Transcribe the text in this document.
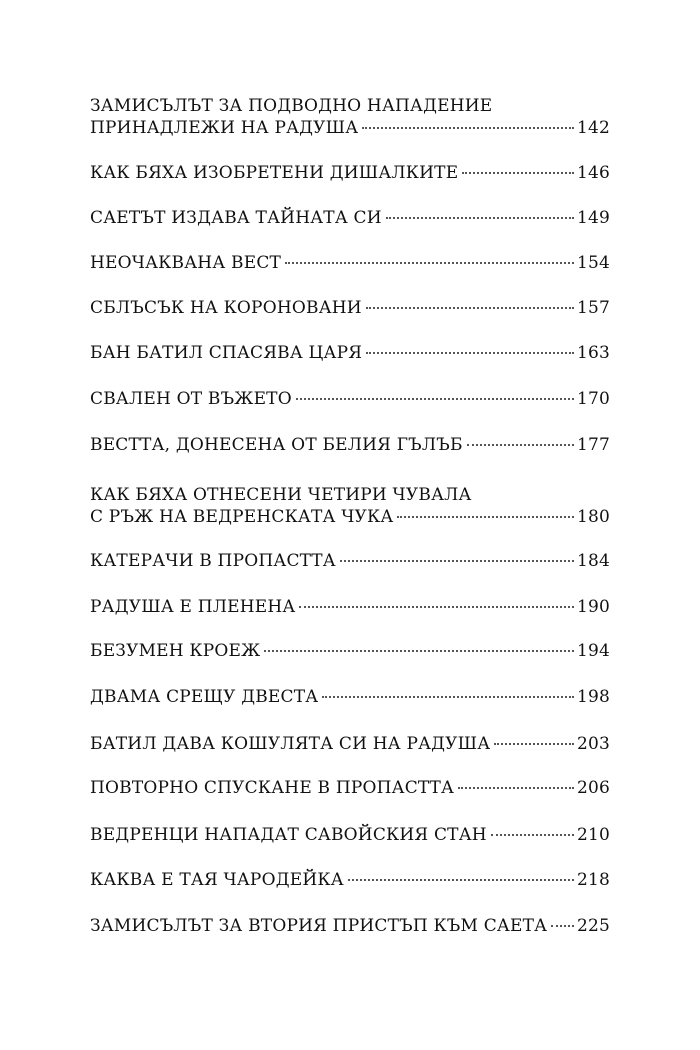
ЗАМИСЪЛЪТ ЗА ПОДВОДНО НАПАДЕНИЕ
ПРИНАДЛЕЖИ НА РАДУША	142
КАК БЯХА ИЗОБРЕТЕНИ ДИШАЛКИТЕ	146
САЕТЪТ ИЗДАВА ТАЙНАТА СИ	149
НЕОЧАКВАНА ВЕСТ	154
СБЛЪСЪК НА КОРОНОВАНИ	157
БАН БАТИЛ СПАСЯВА ЦАРЯ	163
СВАЛЕН ОТ ВЪЖЕТО	170
ВЕСТТА, ДОНЕСЕНА ОТ БЕЛИЯ ГЪЛЪБ	177
КАК БЯХА ОТНЕСЕНИ ЧЕТИРИ ЧУВАЛА
С РЪЖ НА ВЕДРЕНСКАТА ЧУКА	180
КАТЕРАЧИ В ПРОПАСТТА	184
РАДУША Е ПЛЕНЕНА	190
БЕЗУМЕН КРОЕЖ	194
ДВАМА СРЕЩУ ДВЕСТА	198
БАТИЛ ДАВА КОШУЛЯТА СИ НА РАДУША	203
ПОВТОРНО СПУСКАНЕ В ПРОПАСТТА	206
ВЕДРЕНЦИ НАПАДАТ САВОЙСКИЯ СТАН	210
КАКВА Е ТАЯ ЧАРОДЕЙКА	218
ЗАМИСЪЛЪТ ЗА ВТОРИЯ ПРИСТЪП КЪМ САЕТА 225
